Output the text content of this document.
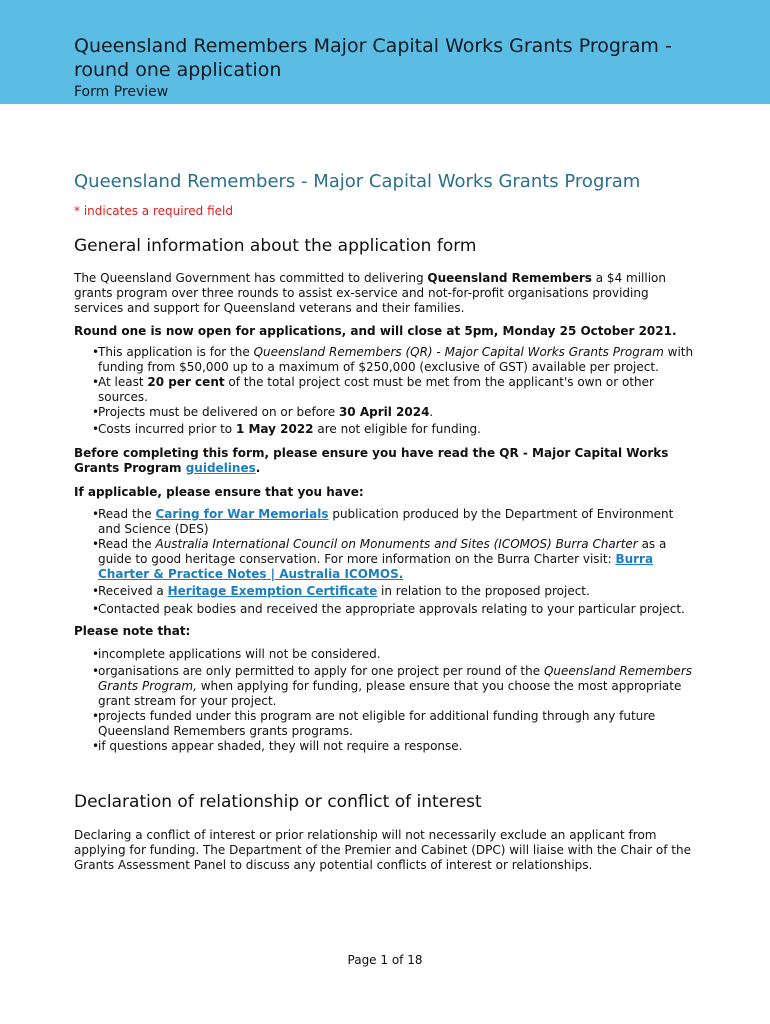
Queensland Remembers Major Capital Works Grants Program -
round one application
Form Preview
Queensland Remembers - Major Capital Works Grants Program
* indicates a required field
General information about the application form

The Queensland Government has committed to delivering Queensland Remembers a $4 million grants program over three rounds to assist ex-service and not-for-profit organisations providing services and support for Queensland veterans and their families.

Round one is now open for applications, and will close at 5pm, Monday 25 October 2021.

• This application is for the Queensland Remembers (QR) - Major Capital Works Grants Program with funding from $50,000 up to a maximum of $250,000 (exclusive of GST) available per project.
• At least 20 per cent of the total project cost must be met from the applicant's own or other sources.
• Projects must be delivered on or before 30 April 2024.
• Costs incurred prior to 1 May 2022 are not eligible for funding.

Before completing this form, please ensure you have read the QR - Major Capital Works Grants Program guidelines.

If applicable, please ensure that you have:

• Read the Caring for War Memorials publication produced by the Department of Environment and Science (DES)
• Read the Australia International Council on Monuments and Sites (ICOMOS) Burra Charter as a guide to good heritage conservation. For more information on the Burra Charter visit: Burra Charter & Practice Notes | Australia ICOMOS.
• Received a Heritage Exemption Certificate in relation to the proposed project.
• Contacted peak bodies and received the appropriate approvals relating to your particular project.

Please note that:

• incomplete applications will not be considered.
• organisations are only permitted to apply for one project per round of the Queensland Remembers Grants Program, when applying for funding, please ensure that you choose the most appropriate grant stream for your project.
• projects funded under this program are not eligible for additional funding through any future Queensland Remembers grants programs.
• if questions appear shaded, they will not require a response.
Declaration of relationship or conflict of interest

Declaring a conflict of interest or prior relationship will not necessarily exclude an applicant from applying for funding. The Department of the Premier and Cabinet (DPC) will liaise with the Chair of the Grants Assessment Panel to discuss any potential conflicts of interest or relationships.

Page 1 of 18
